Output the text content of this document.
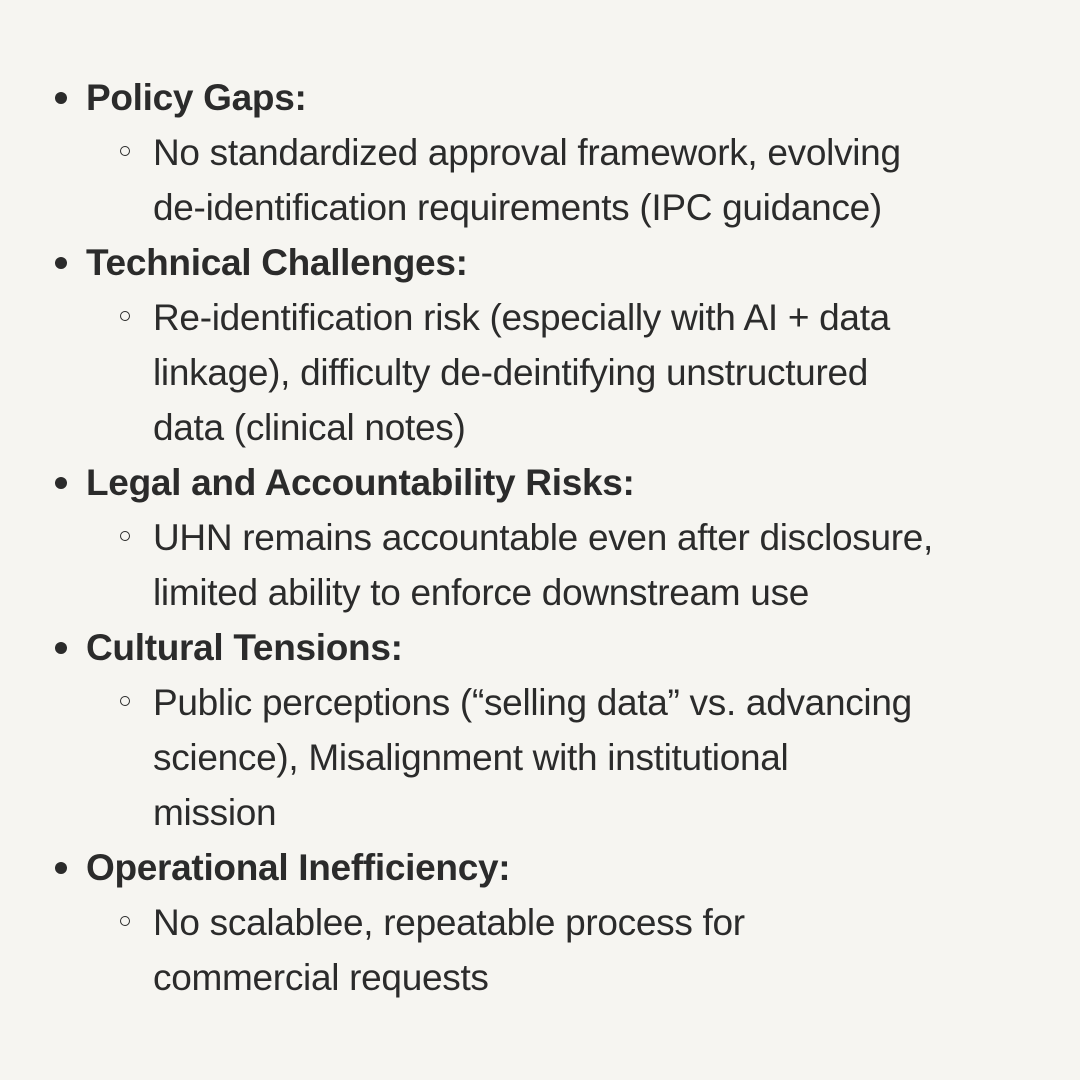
Policy Gaps:
No standardized approval framework, evolving
de-identification requirements (IPC guidance)
Technical Challenges:
Re-identification risk (especially with AI + data
linkage), difficulty de-deintifying unstructured
data (clinical notes)
Legal and Accountability Risks:
UHN remains accountable even after disclosure,
limited ability to enforce downstream use
Cultural Tensions:
Public perceptions (“selling data” vs. advancing
science), Misalignment with institutional
mission
Operational Inefficiency:
No scalablee, repeatable process for
commercial requests
